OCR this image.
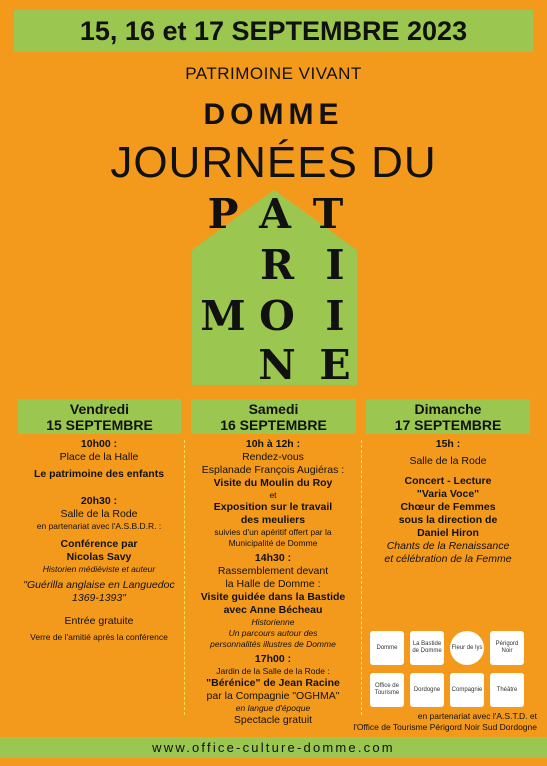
15, 16 et 17 SEPTEMBRE 2023
PATRIMOINE VIVANT
DOMME
JOURNÉES DU
P A T
R I
M O I
N E
Vendredi
15 SEPTEMBRE
Samedi
16 SEPTEMBRE
Dimanche
17 SEPTEMBRE
10h00 :
Place de la Halle
Le patrimoine des enfants
20h30 :
Salle de la Rode
en partenariat avec l'A.S.B.D.R. :
Conférence par
Nicolas Savy
Historien médiéviste et auteur
"Guérilla anglaise en Languedoc
1369-1393"
Entrée gratuite
Verre de l'amitié après la conférence
10h à 12h :
Rendez-vous
Esplanade François Augiéras :
Visite du Moulin du Roy
et
Exposition sur le travail
des meuliers
suivies d'un apéritif offert par la
Municipalité de Domme
14h30 :
Rassemblement devant
la Halle de Domme :
Visite guidée dans la Bastide
avec Anne Bécheau
Historienne
Un parcours autour des
personnalités illustres de Domme
17h00 :
Jardin de la Salle de la Rode :
"Bérénice" de Jean Racine
par la Compagnie "OGHMA"
en langue d'époque
Spectacle gratuit
15h :
Salle de la Rode
Concert - Lecture
"Varia Voce"
Chœur de Femmes
sous la direction de
Daniel Hiron
Chants de la Renaissance
et célébration de la Femme
Domme
La Bastide de Domme
Fleur de lys
Périgord Noir
Office de Tourisme
Dordogne Compagnie Théâtre
en partenariat avec l'A.S.T.D. et
l'Office de Tourisme Périgord Noir Sud Dordogne
www.office-culture-domme.com
